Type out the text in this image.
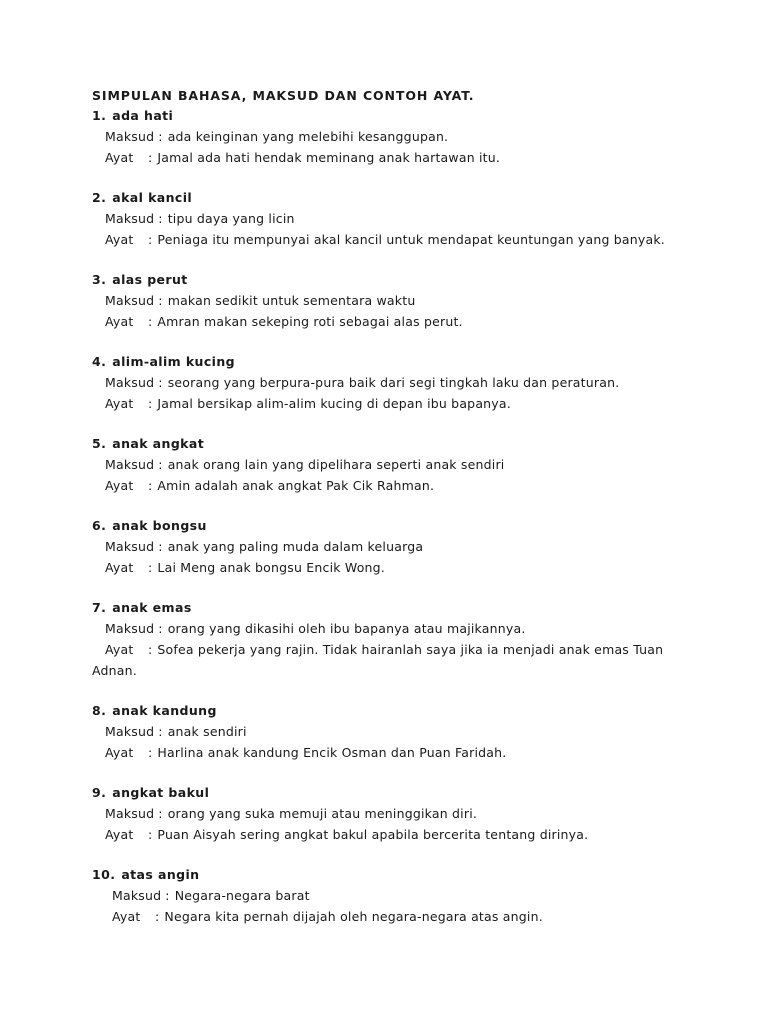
SIMPULAN BAHASA, MAKSUD DAN CONTOH AYAT.

1. ada hati

Maksud : ada keinginan yang melebihi kesanggupan.
Ayat	: Jamal ada hati hendak meminang anak hartawan itu.

2. akal kancil

Maksud : tipu daya yang licin
Ayat	: Peniaga itu mempunyai akal kancil untuk mendapat keuntungan yang banyak.

3. alas perut

Maksud : makan sedikit untuk sementara waktu
Ayat	: Amran makan sekeping roti sebagai alas perut.

4. alim-alim kucing

Maksud : seorang yang berpura-pura baik dari segi tingkah laku dan peraturan.
Ayat	: Jamal bersikap alim-alim kucing di depan ibu bapanya.

5. anak angkat

Maksud : anak orang lain yang dipelihara seperti anak sendiri
Ayat	: Amin adalah anak angkat Pak Cik Rahman.

6. anak bongsu

Maksud : anak yang paling muda dalam keluarga
Ayat	: Lai Meng anak bongsu Encik Wong.

7. anak emas

Maksud : orang yang dikasihi oleh ibu bapanya atau majikannya.
Ayat	: Sofea pekerja yang rajin. Tidak hairanlah saya jika ia menjadi anak emas Tuan
Adnan.

8. anak kandung

Maksud : anak sendiri
Ayat	: Harlina anak kandung Encik Osman dan Puan Faridah.

9. angkat bakul

Maksud : orang yang suka memuji atau meninggikan diri.
Ayat	: Puan Aisyah sering angkat bakul apabila bercerita tentang dirinya.

10. atas angin

Maksud : Negara-negara barat
Ayat	: Negara kita pernah dijajah oleh negara-negara atas angin.
